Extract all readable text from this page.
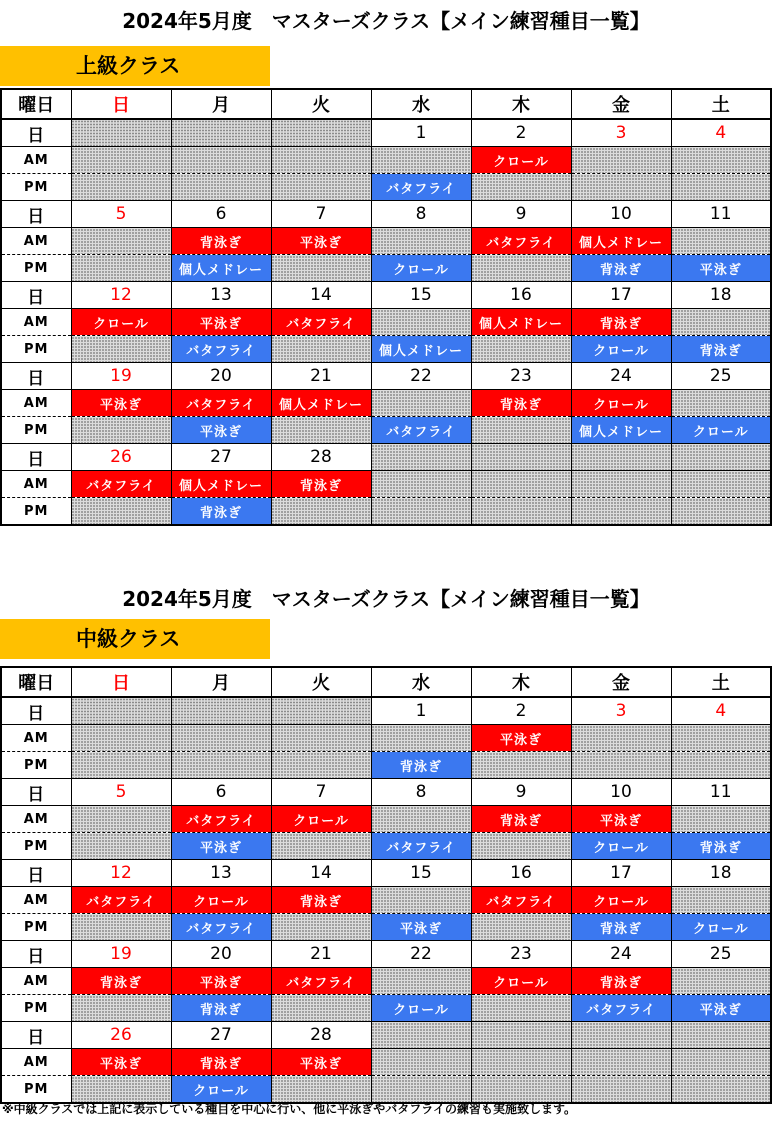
2024年5月度　マスターズクラス【メイン練習種目一覧】
上級クラス
曜日	日	月	火	水	木	金	土
日				1	2	3	4
AM					クロール		
PM				バタフライ			
日	5	6	7	8	9	10	11
AM		背泳ぎ	平泳ぎ		バタフライ	個人メドレー	
PM		個人メドレー		クロール		背泳ぎ	平泳ぎ
日	12	13	14	15	16	17	18
AM	クロール	平泳ぎ	バタフライ		個人メドレー	背泳ぎ	
PM		バタフライ		個人メドレー		クロール	背泳ぎ
日	19	20	21	22	23	24	25
AM	平泳ぎ	バタフライ	個人メドレー		背泳ぎ	クロール	
PM		平泳ぎ		バタフライ		個人メドレー	クロール
日	26	27	28				
AM	バタフライ	個人メドレー	背泳ぎ				
PM		背泳ぎ					
2024年5月度　マスターズクラス【メイン練習種目一覧】
中級クラス
曜日	日	月	火	水	木	金	土
日				1	2	3	4
AM					平泳ぎ		
PM				背泳ぎ			
日	5	6	7	8	9	10	11
AM		バタフライ	クロール		背泳ぎ	平泳ぎ	
PM		平泳ぎ		バタフライ		クロール	背泳ぎ
日	12	13	14	15	16	17	18
AM	バタフライ	クロール	背泳ぎ		バタフライ	クロール	
PM		バタフライ		平泳ぎ		背泳ぎ	クロール
日	19	20	21	22	23	24	25
AM	背泳ぎ	平泳ぎ	バタフライ		クロール	背泳ぎ	
PM		背泳ぎ		クロール		バタフライ	平泳ぎ
日	26	27	28				
AM	平泳ぎ	背泳ぎ	平泳ぎ				
PM		クロール					
※中級クラスでは上記に表示している種目を中心に行い、他に平泳ぎやバタフライの練習も実施致します。
